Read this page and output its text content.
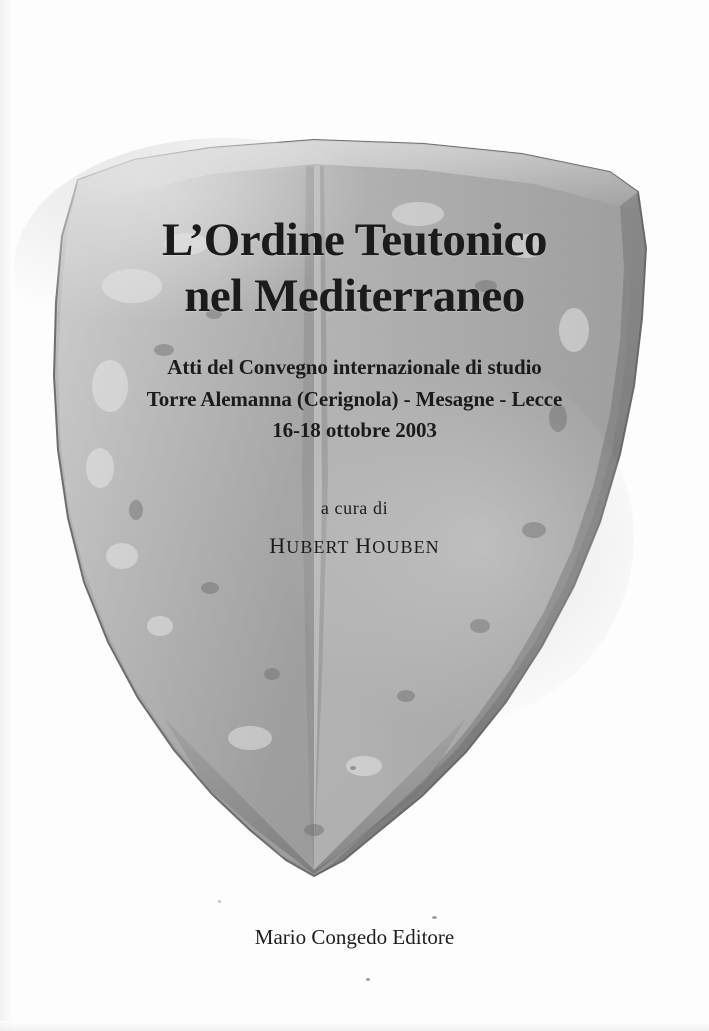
L’Ordine Teutonico
nel Mediterraneo
Atti del Convegno internazionale di studio
Torre Alemanna (Cerignola) - Mesagne - Lecce
16-18 ottobre 2003
a cura di
HUBERT HOUBEN
Mario Congedo Editore
